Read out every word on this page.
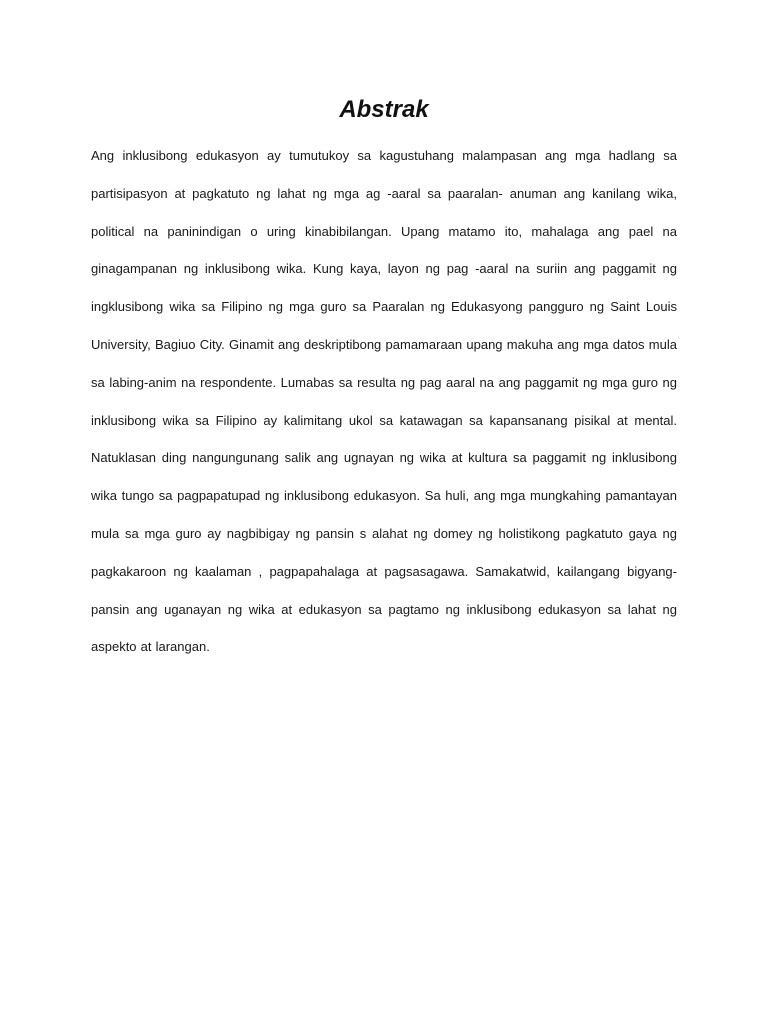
Abstrak
Ang inklusibong edukasyon ay tumutukoy sa kagustuhang malampasan ang mga hadlang sa partisipasyon at pagkatuto ng lahat ng mga ag -aaral sa paaralan- anuman ang kanilang wika, political na paninindigan o uring kinabibilangan. Upang matamo ito, mahalaga ang pael na ginagampanan ng inklusibong wika. Kung kaya, layon ng pag -aaral na suriin ang paggamit ng ingklusibong wika sa Filipino ng mga guro sa Paaralan ng Edukasyong pangguro ng Saint Louis University, Bagiuo City. Ginamit ang deskriptibong pamamaraan upang makuha ang mga datos mula sa labing-anim na respondente. Lumabas sa resulta ng pag aaral na ang paggamit ng mga guro ng inklusibong wika sa Filipino ay kalimitang ukol sa katawagan sa kapansanang pisikal at mental. Natuklasan ding nangungunang salik ang ugnayan ng wika at kultura sa paggamit ng inklusibong wika tungo sa pagpapatupad ng inklusibong edukasyon. Sa huli, ang mga mungkahing pamantayan mula sa mga guro ay nagbibigay ng pansin s alahat ng domey ng holistikong pagkatuto gaya ng pagkakaroon ng kaalaman , pagpapahalaga at pagsasagawa. Samakatwid, kailangang bigyang-pansin ang uganayan ng wika at edukasyon sa pagtamo ng inklusibong edukasyon sa lahat ng aspekto at larangan.
